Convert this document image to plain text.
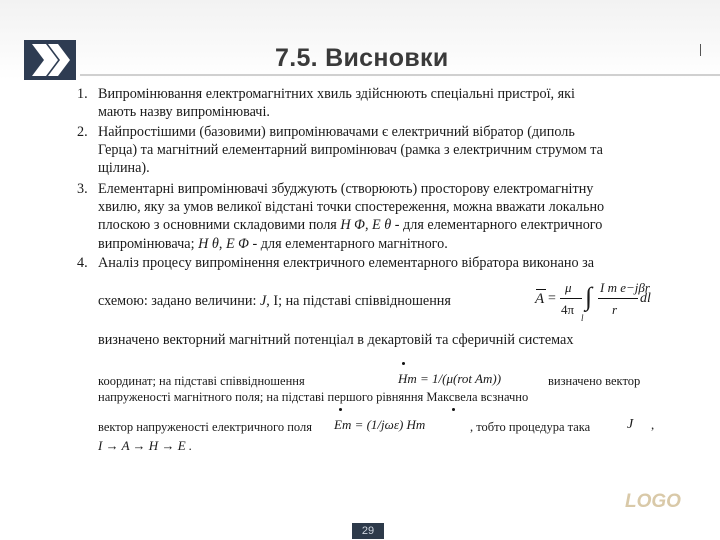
7.5. Висновки
1. Випромінювання електромагнітних хвиль здійснюють спеціальні пристрої, які
мають назву випромінювачі.
2. Найпростішими (базовими) випромінювачами є електричний вібратор (диполь
Герца) та магнітний елементарний випромінювач (рамка з електричним струмом та
щілина).
3. Елементарні випромінювачі збуджують (створюють) просторову електромагнітну
хвилю, яку за умов великої відстані точки спостереження, можна вважати локально
плоскою з основними складовими поля H Φ, E θ - для елементарного електричного
випромінювача; H θ, E Φ - для елементарного магнітного.
4. Аналіз процесу випромінення електричного елементарного вібратора виконано за
схемою: задано величини: J, I; на підставі співвідношення	A =
μ
4π ∫
l
I m e−jβr
r
dl
визначено векторний магнітний потенціал в декартовій та сферичній системах
координат; на підставі співвідношення	Hm = 1/(μ(rot Am))	визначено вектор
напруженості магнітного поля; на підставі першого рівняння Максвела всзначно
вектор напруженості електричного поля Em = (1/jωε) Hm	, тобто процедура така	J ,
I → A → H → E .
LOGO
29
